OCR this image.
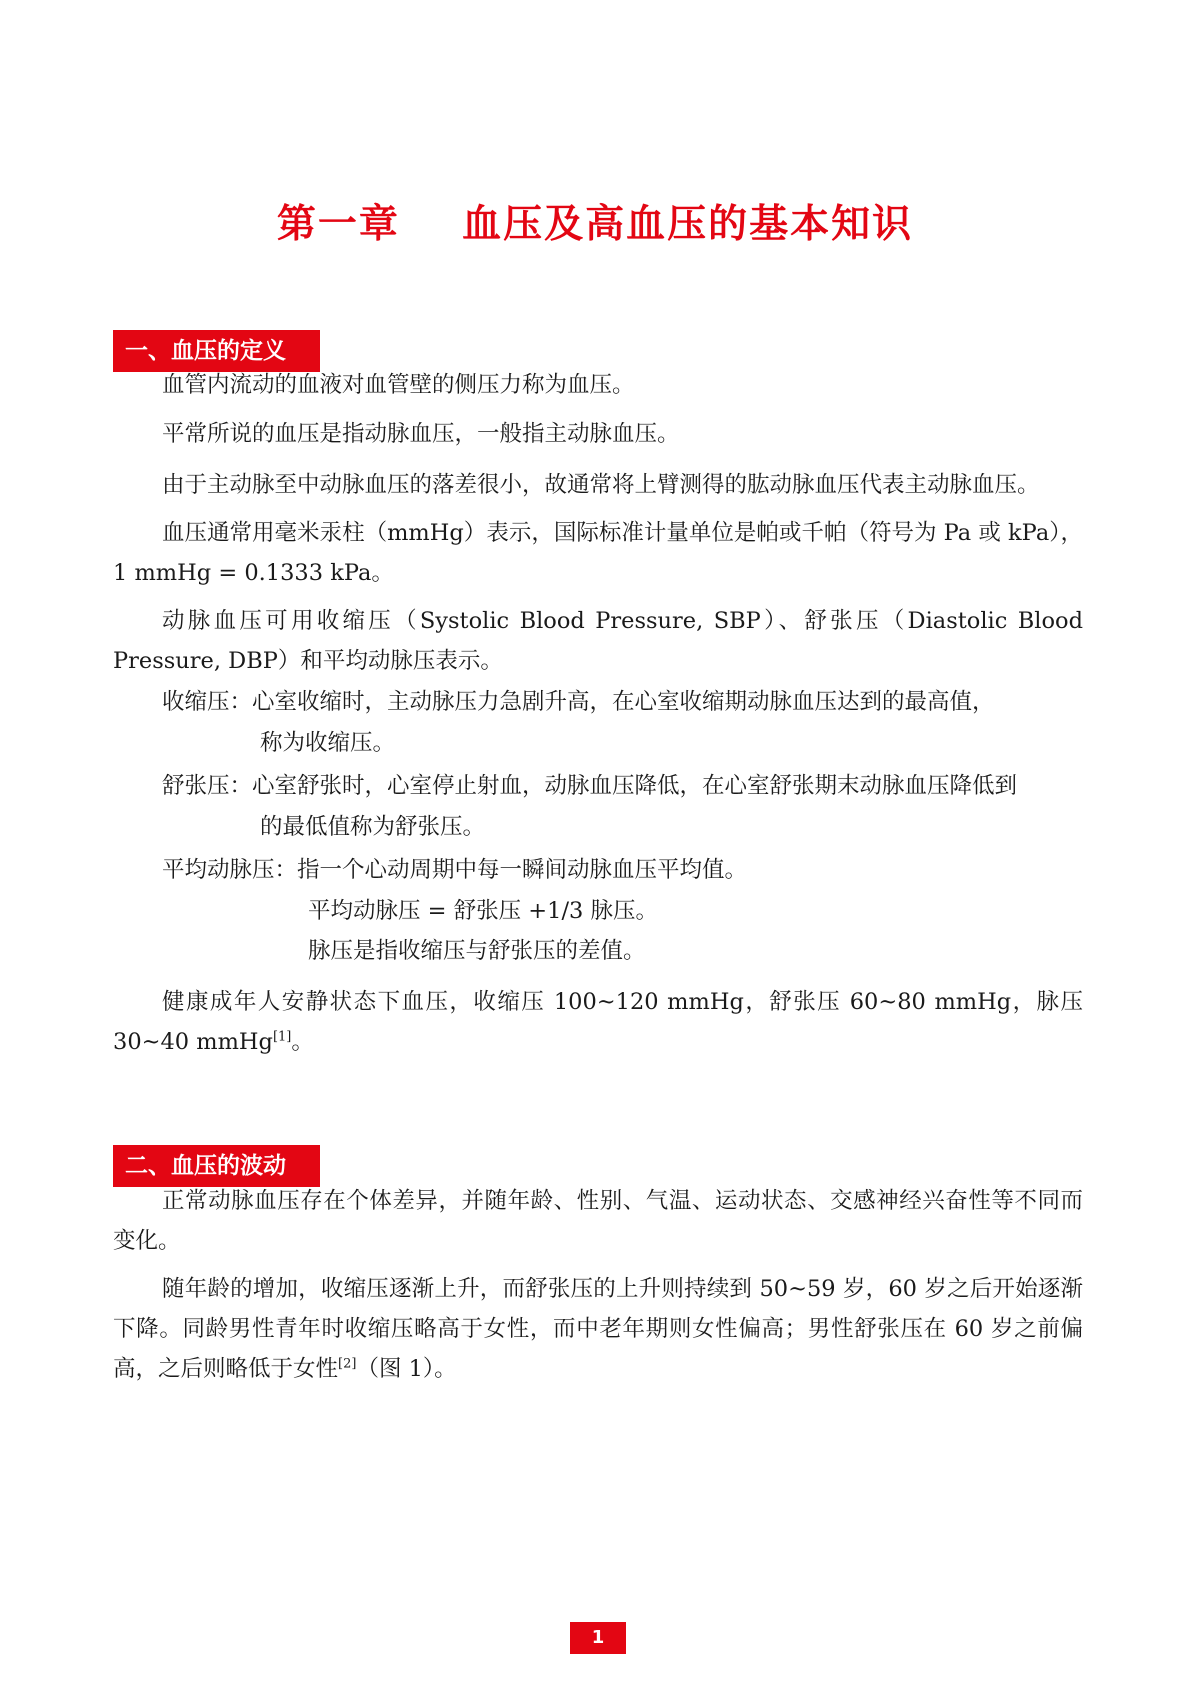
第一章    血压及高血压的基本知识
一、血压的定义

血管内流动的血液对血管壁的侧压力称为血压。

平常所说的血压是指动脉血压，一般指主动脉血压。

由于主动脉至中动脉血压的落差很小，故通常将上臂测得的肱动脉血压代表主动脉血压。

血压通常用毫米汞柱（mmHg）表示，国际标准计量单位是帕或千帕（符号为 Pa 或 kPa），1 mmHg = 0.1333 kPa。

动脉血压可用收缩压（Systolic Blood Pressure, SBP）、舒张压（Diastolic Blood Pressure, DBP）和平均动脉压表示。

收缩压：心室收缩时，主动脉压力急剧升高，在心室收缩期动脉血压达到的最高值，
称为收缩压。
舒张压：心室舒张时，心室停止射血，动脉血压降低，在心室舒张期末动脉血压降低到
的最低值称为舒张压。
平均动脉压：指一个心动周期中每一瞬间动脉血压平均值。

平均动脉压 = 舒张压 +1/3 脉压。

脉压是指收缩压与舒张压的差值。

健康成年人安静状态下血压，收缩压 100~120 mmHg，舒张压 60~80 mmHg，脉压 30~40 mmHg[1]。

二、血压的波动

正常动脉血压存在个体差异，并随年龄、性别、气温、运动状态、交感神经兴奋性等不同而变化。

随年龄的增加，收缩压逐渐上升，而舒张压的上升则持续到 50~59 岁，60 岁之后开始逐渐下降。同龄男性青年时收缩压略高于女性，而中老年期则女性偏高；男性舒张压在 60 岁之前偏高，之后则略低于女性[2]（图 1）。

1
